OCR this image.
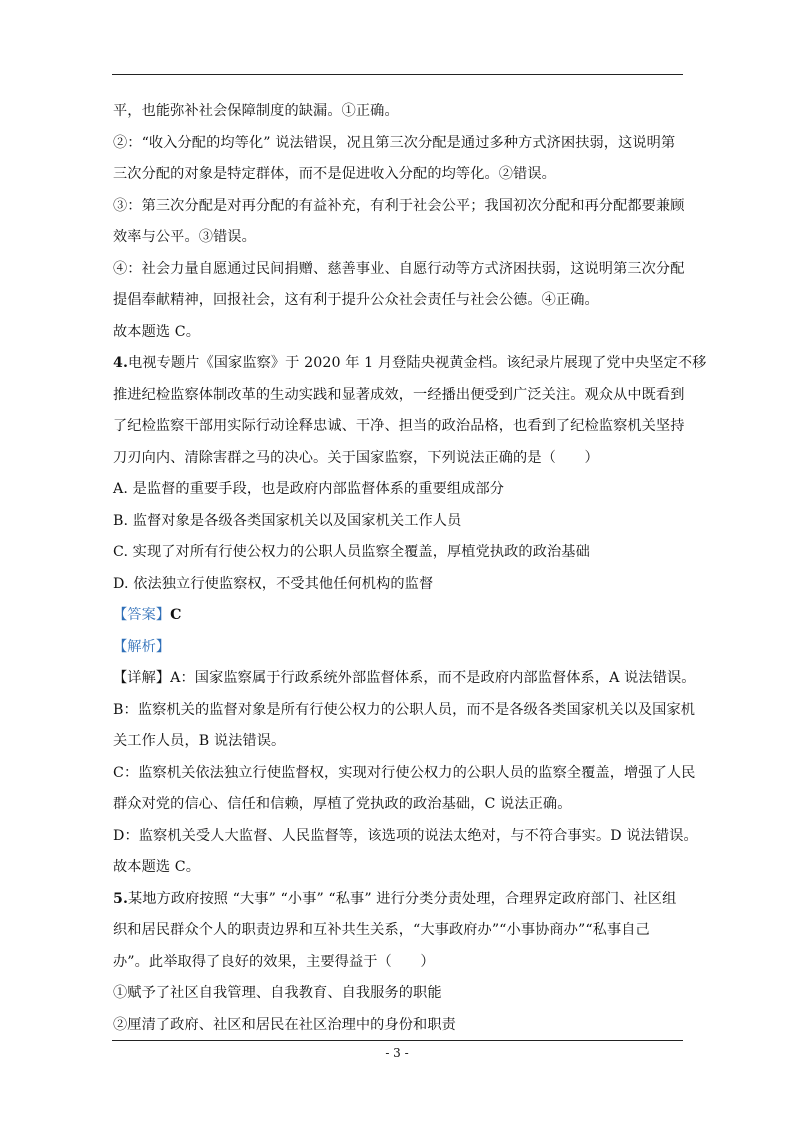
平，也能弥补社会保障制度的缺漏。①正确。
②：“收入分配的均等化” 说法错误，况且第三次分配是通过多种方式济困扶弱，这说明第
三次分配的对象是特定群体，而不是促进收入分配的均等化。②错误。
③：第三次分配是对再分配的有益补充，有利于社会公平；我国初次分配和再分配都要兼顾
效率与公平。③错误。
④：社会力量自愿通过民间捐赠、慈善事业、自愿行动等方式济困扶弱，这说明第三次分配
提倡奉献精神，回报社会，这有利于提升公众社会责任与社会公德。④正确。
故本题选 C。
4.电视专题片《国家监察》于 2020 年 1 月登陆央视黄金档。该纪录片展现了党中央坚定不移
推进纪检监察体制改革的生动实践和显著成效，一经播出便受到广泛关注。观众从中既看到
了纪检监察干部用实际行动诠释忠诚、干净、担当的政治品格，也看到了纪检监察机关坚持
刀刃向内、清除害群之马的决心。关于国家监察，下列说法正确的是（　　）
A. 是监督的重要手段，也是政府内部监督体系的重要组成部分
B. 监督对象是各级各类国家机关以及国家机关工作人员
C. 实现了对所有行使公权力的公职人员监察全覆盖，厚植党执政的政治基础
D. 依法独立行使监察权，不受其他任何机构的监督
【答案】C
【解析】
【详解】A：国家监察属于行政系统外部监督体系，而不是政府内部监督体系，A 说法错误。
B：监察机关的监督对象是所有行使公权力的公职人员，而不是各级各类国家机关以及国家机
关工作人员，B 说法错误。
C：监察机关依法独立行使监督权，实现对行使公权力的公职人员的监察全覆盖，增强了人民
群众对党的信心、信任和信赖，厚植了党执政的政治基础，C 说法正确。
D：监察机关受人大监督、人民监督等，该选项的说法太绝对，与不符合事实。D 说法错误。
故本题选 C。
5.某地方政府按照 “大事” “小事” “私事” 进行分类分责处理，合理界定政府部门、社区组
织和居民群众个人的职责边界和互补共生关系，“大事政府办”“小事协商办”“私事自己
办”。此举取得了良好的效果，主要得益于（　　）
①赋予了社区自我管理、自我教育、自我服务的职能
②厘清了政府、社区和居民在社区治理中的身份和职责
- 3 -
